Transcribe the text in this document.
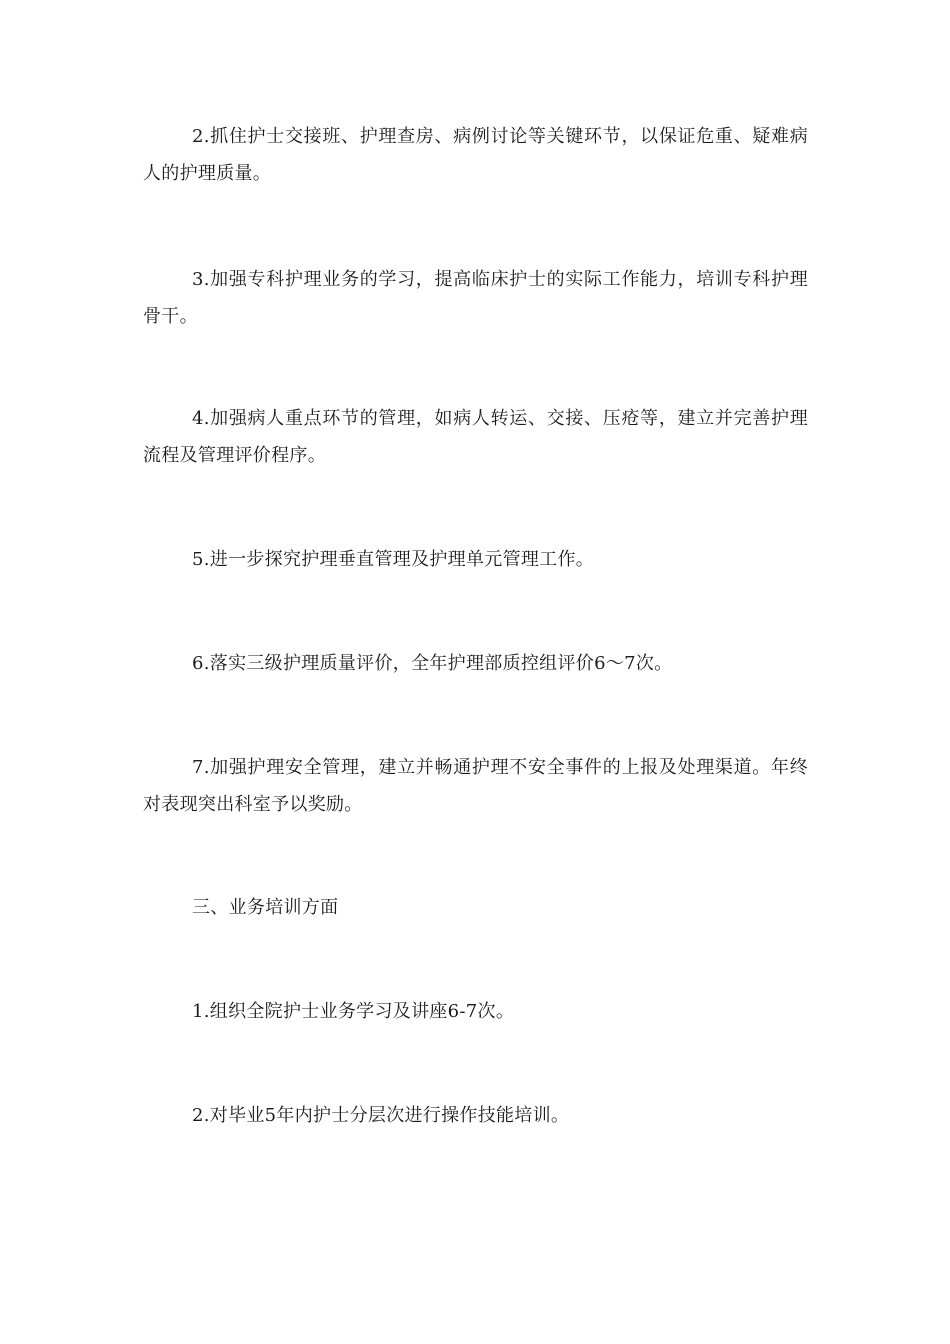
2.抓住护士交接班、护理查房、病例讨论等关键环节，以保证危重、疑难病人的护理质量。

3.加强专科护理业务的学习，提高临床护士的实际工作能力，培训专科护理骨干。

4.加强病人重点环节的管理，如病人转运、交接、压疮等，建立并完善护理流程及管理评价程序。

5.进一步探究护理垂直管理及护理单元管理工作。

6.落实三级护理质量评价，全年护理部质控组评价6～7次。

7.加强护理安全管理，建立并畅通护理不安全事件的上报及处理渠道。年终对表现突出科室予以奖励。

三、业务培训方面

1.组织全院护士业务学习及讲座6-7次。

2.对毕业5年内护士分层次进行操作技能培训。
